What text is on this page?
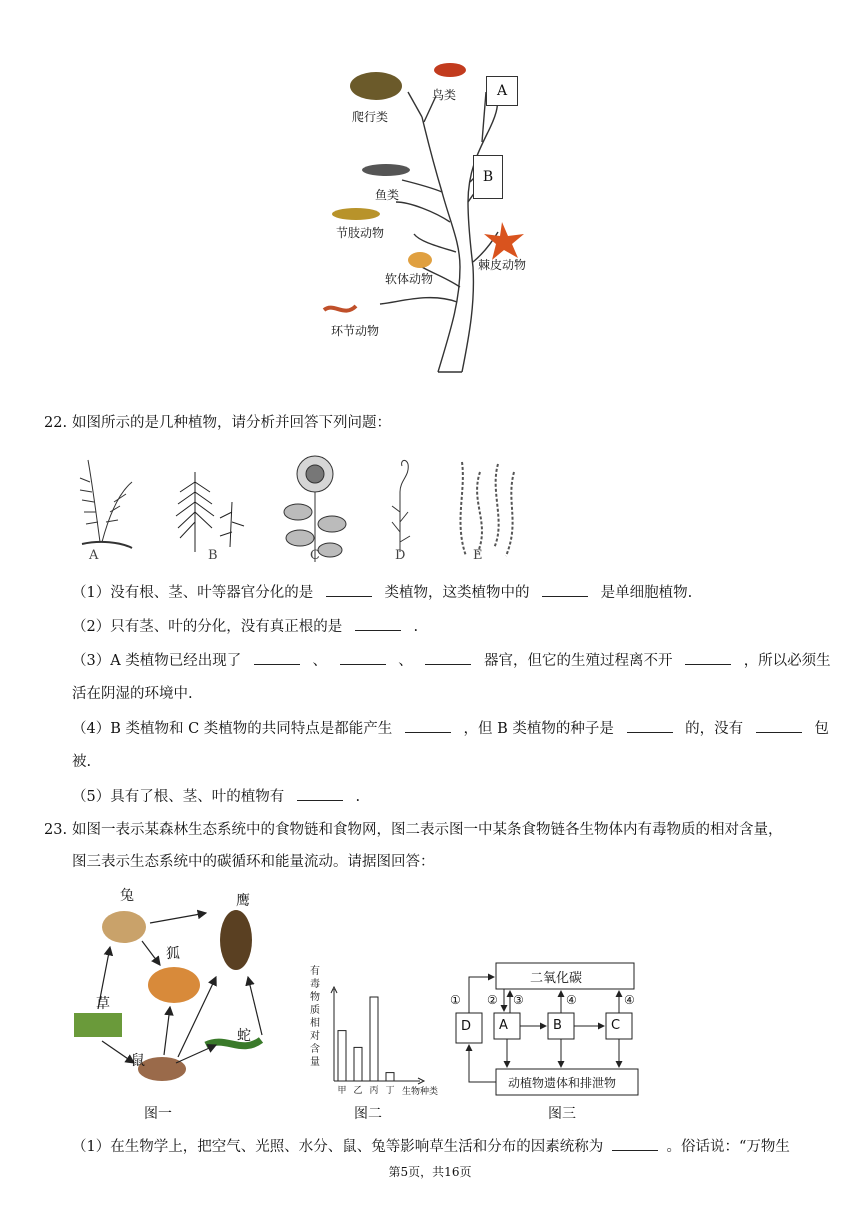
A
B
鸟类
爬行类
鱼类
节肢动物
软体动物
环节动物
棘皮动物
22. 如图所示的是几种植物，请分析并回答下列问题：
A	B	C	D	E
（1）没有根、茎、叶等器官分化的是	类植物，这类植物中的	是单细胞植物.
（2）只有茎、叶的分化，没有真正根的是	.
（3）A 类植物已经出现了	、	、	器官，但它的生殖过程离不开	，所以必须生
活在阴湿的环境中.
（4）B 类植物和 C 类植物的共同特点是都能产生	，但 B 类植物的种子是	的，没有	包
被.
（5）具有了根、茎、叶的植物有	.
23. 如图一表示某森林生态系统中的食物链和食物网，图二表示图一中某条食物链各生物体内有毒物质的相对含量，
图三表示生态系统中的碳循环和能量流动。请据图回答：
兔	鹰
狐
草
鼠
蛇
图一
有毒物质相对含量
甲 乙 丙 丁 生物种类
图二
二氧化碳
D A	B	C
动植物遗体和排泄物
① ② ③	④	④
图三
（1）在生物学上，把空气、光照、水分、鼠、兔等影响草生活和分布的因素统称为	。俗话说：“万物生
第5页，共16页
